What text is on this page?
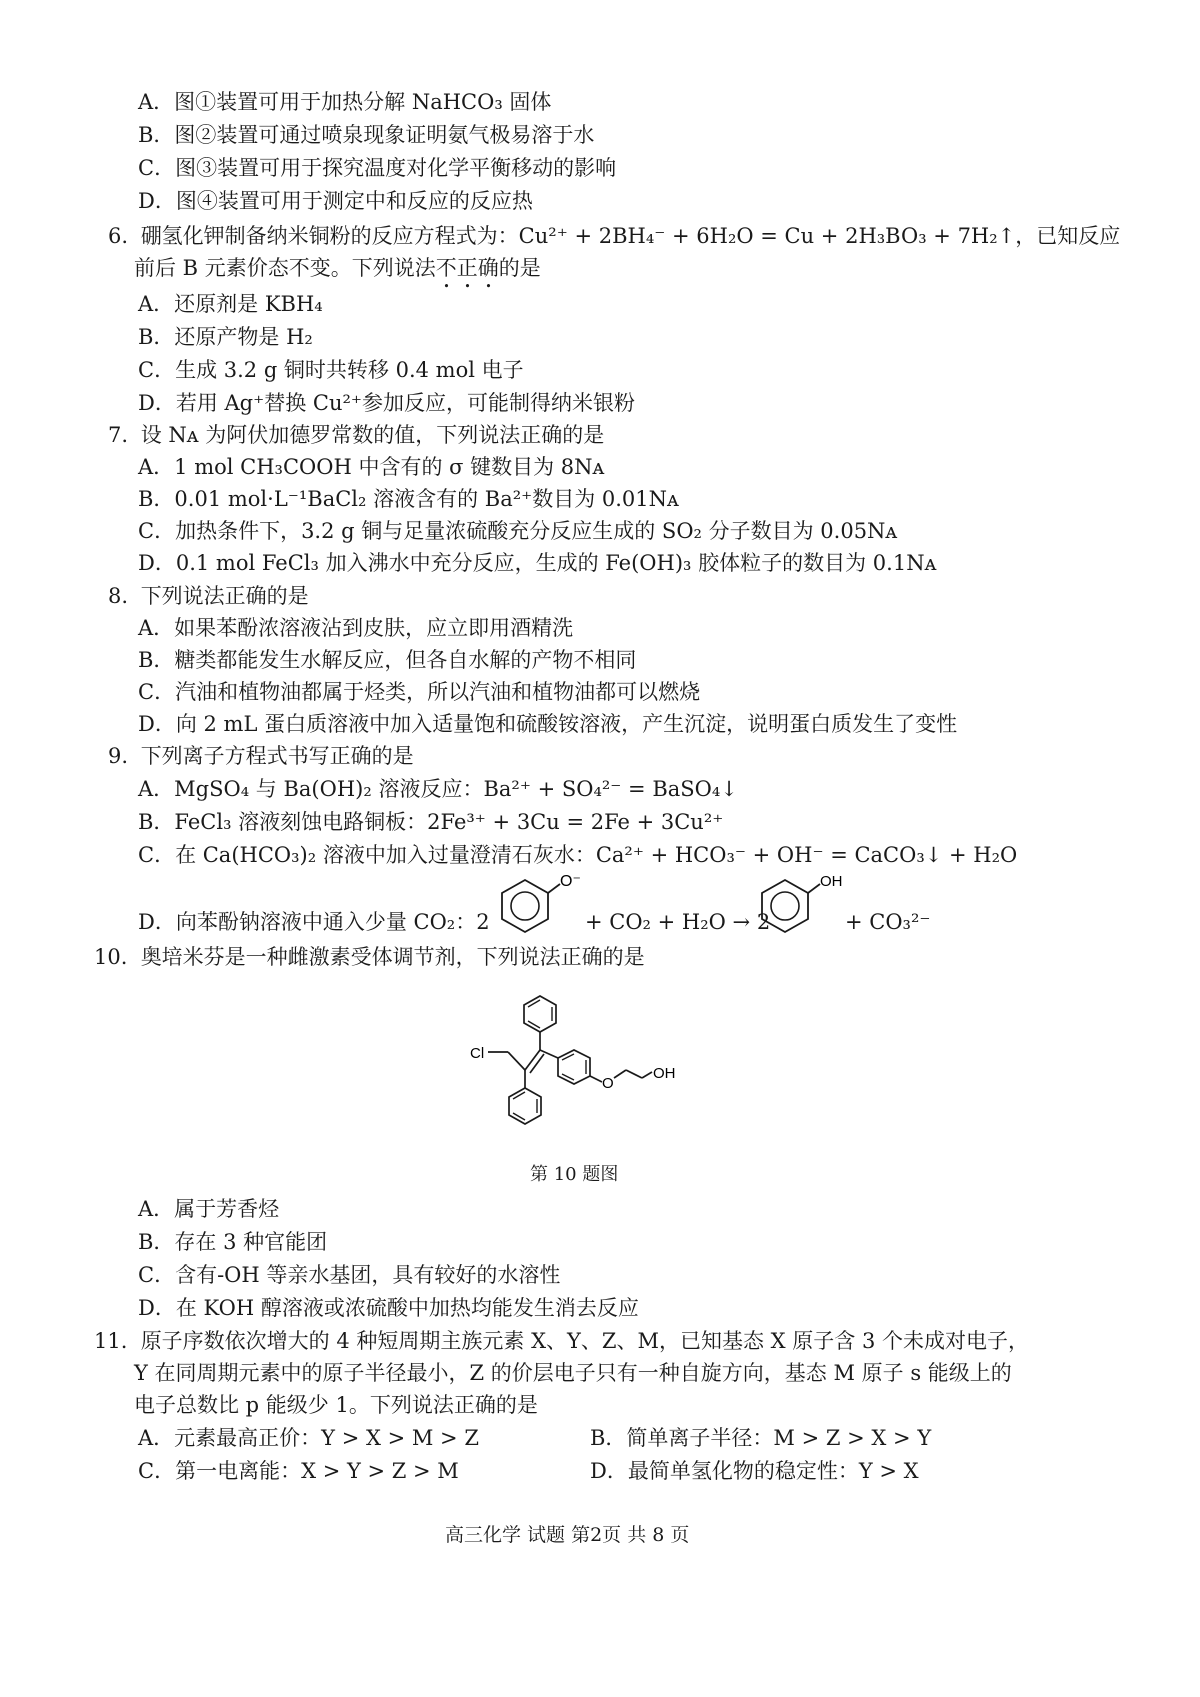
A．图①装置可用于加热分解 NaHCO₃ 固体
B．图②装置可通过喷泉现象证明氨气极易溶于水
C．图③装置可用于探究温度对化学平衡移动的影响
D．图④装置可用于测定中和反应的反应热
6. 硼氢化钾制备纳米铜粉的反应方程式为：Cu²⁺ + 2BH₄⁻ + 6H₂O = Cu + 2H₃BO₃ + 7H₂↑，已知反应
前后 B 元素价态不变。下列说法不正确的是
A．还原剂是 KBH₄
B．还原产物是 H₂
C．生成 3.2 g 铜时共转移 0.4 mol 电子
D．若用 Ag⁺替换 Cu²⁺参加反应，可能制得纳米银粉
7. 设 Nᴀ 为阿伏加德罗常数的值，下列说法正确的是
A．1 mol CH₃COOH 中含有的 σ 键数目为 8Nᴀ
B．0.01 mol·L⁻¹BaCl₂ 溶液含有的 Ba²⁺数目为 0.01Nᴀ
C．加热条件下，3.2 g 铜与足量浓硫酸充分反应生成的 SO₂ 分子数目为 0.05Nᴀ
D．0.1 mol FeCl₃ 加入沸水中充分反应，生成的 Fe(OH)₃ 胶体粒子的数目为 0.1Nᴀ
8. 下列说法正确的是
A．如果苯酚浓溶液沾到皮肤，应立即用酒精洗
B．糖类都能发生水解反应，但各自水解的产物不相同
C．汽油和植物油都属于烃类，所以汽油和植物油都可以燃烧
D．向 2 mL 蛋白质溶液中加入适量饱和硫酸铵溶液，产生沉淀，说明蛋白质发生了变性
9. 下列离子方程式书写正确的是
A．MgSO₄ 与 Ba(OH)₂ 溶液反应：Ba²⁺ + SO₄²⁻ = BaSO₄↓
B．FeCl₃ 溶液刻蚀电路铜板：2Fe³⁺ + 3Cu = 2Fe + 3Cu²⁺
C．在 Ca(HCO₃)₂ 溶液中加入过量澄清石灰水：Ca²⁺ + HCO₃⁻ + OH⁻ = CaCO₃↓ + H₂O
D．向苯酚钠溶液中通入少量 CO₂：2
O⁻
+ CO₂ + H₂O → 2
OH
+ CO₃²⁻
10. 奥培米芬是一种雌激素受体调节剂，下列说法正确的是
Cl
O
OH
第 10 题图
A．属于芳香烃
B．存在 3 种官能团
C．含有-OH 等亲水基团，具有较好的水溶性
D．在 KOH 醇溶液或浓硫酸中加热均能发生消去反应
11. 原子序数依次增大的 4 种短周期主族元素 X、Y、Z、M，已知基态 X 原子含 3 个未成对电子，
Y 在同周期元素中的原子半径最小，Z 的价层电子只有一种自旋方向，基态 M 原子 s 能级上的
电子总数比 p 能级少 1。下列说法正确的是
A．元素最高正价：Y > X > M > Z	B．简单离子半径：M > Z > X > Y
C．第一电离能：X > Y > Z > M	D．最简单氢化物的稳定性：Y > X
高三化学 试题 第2页 共 8 页
